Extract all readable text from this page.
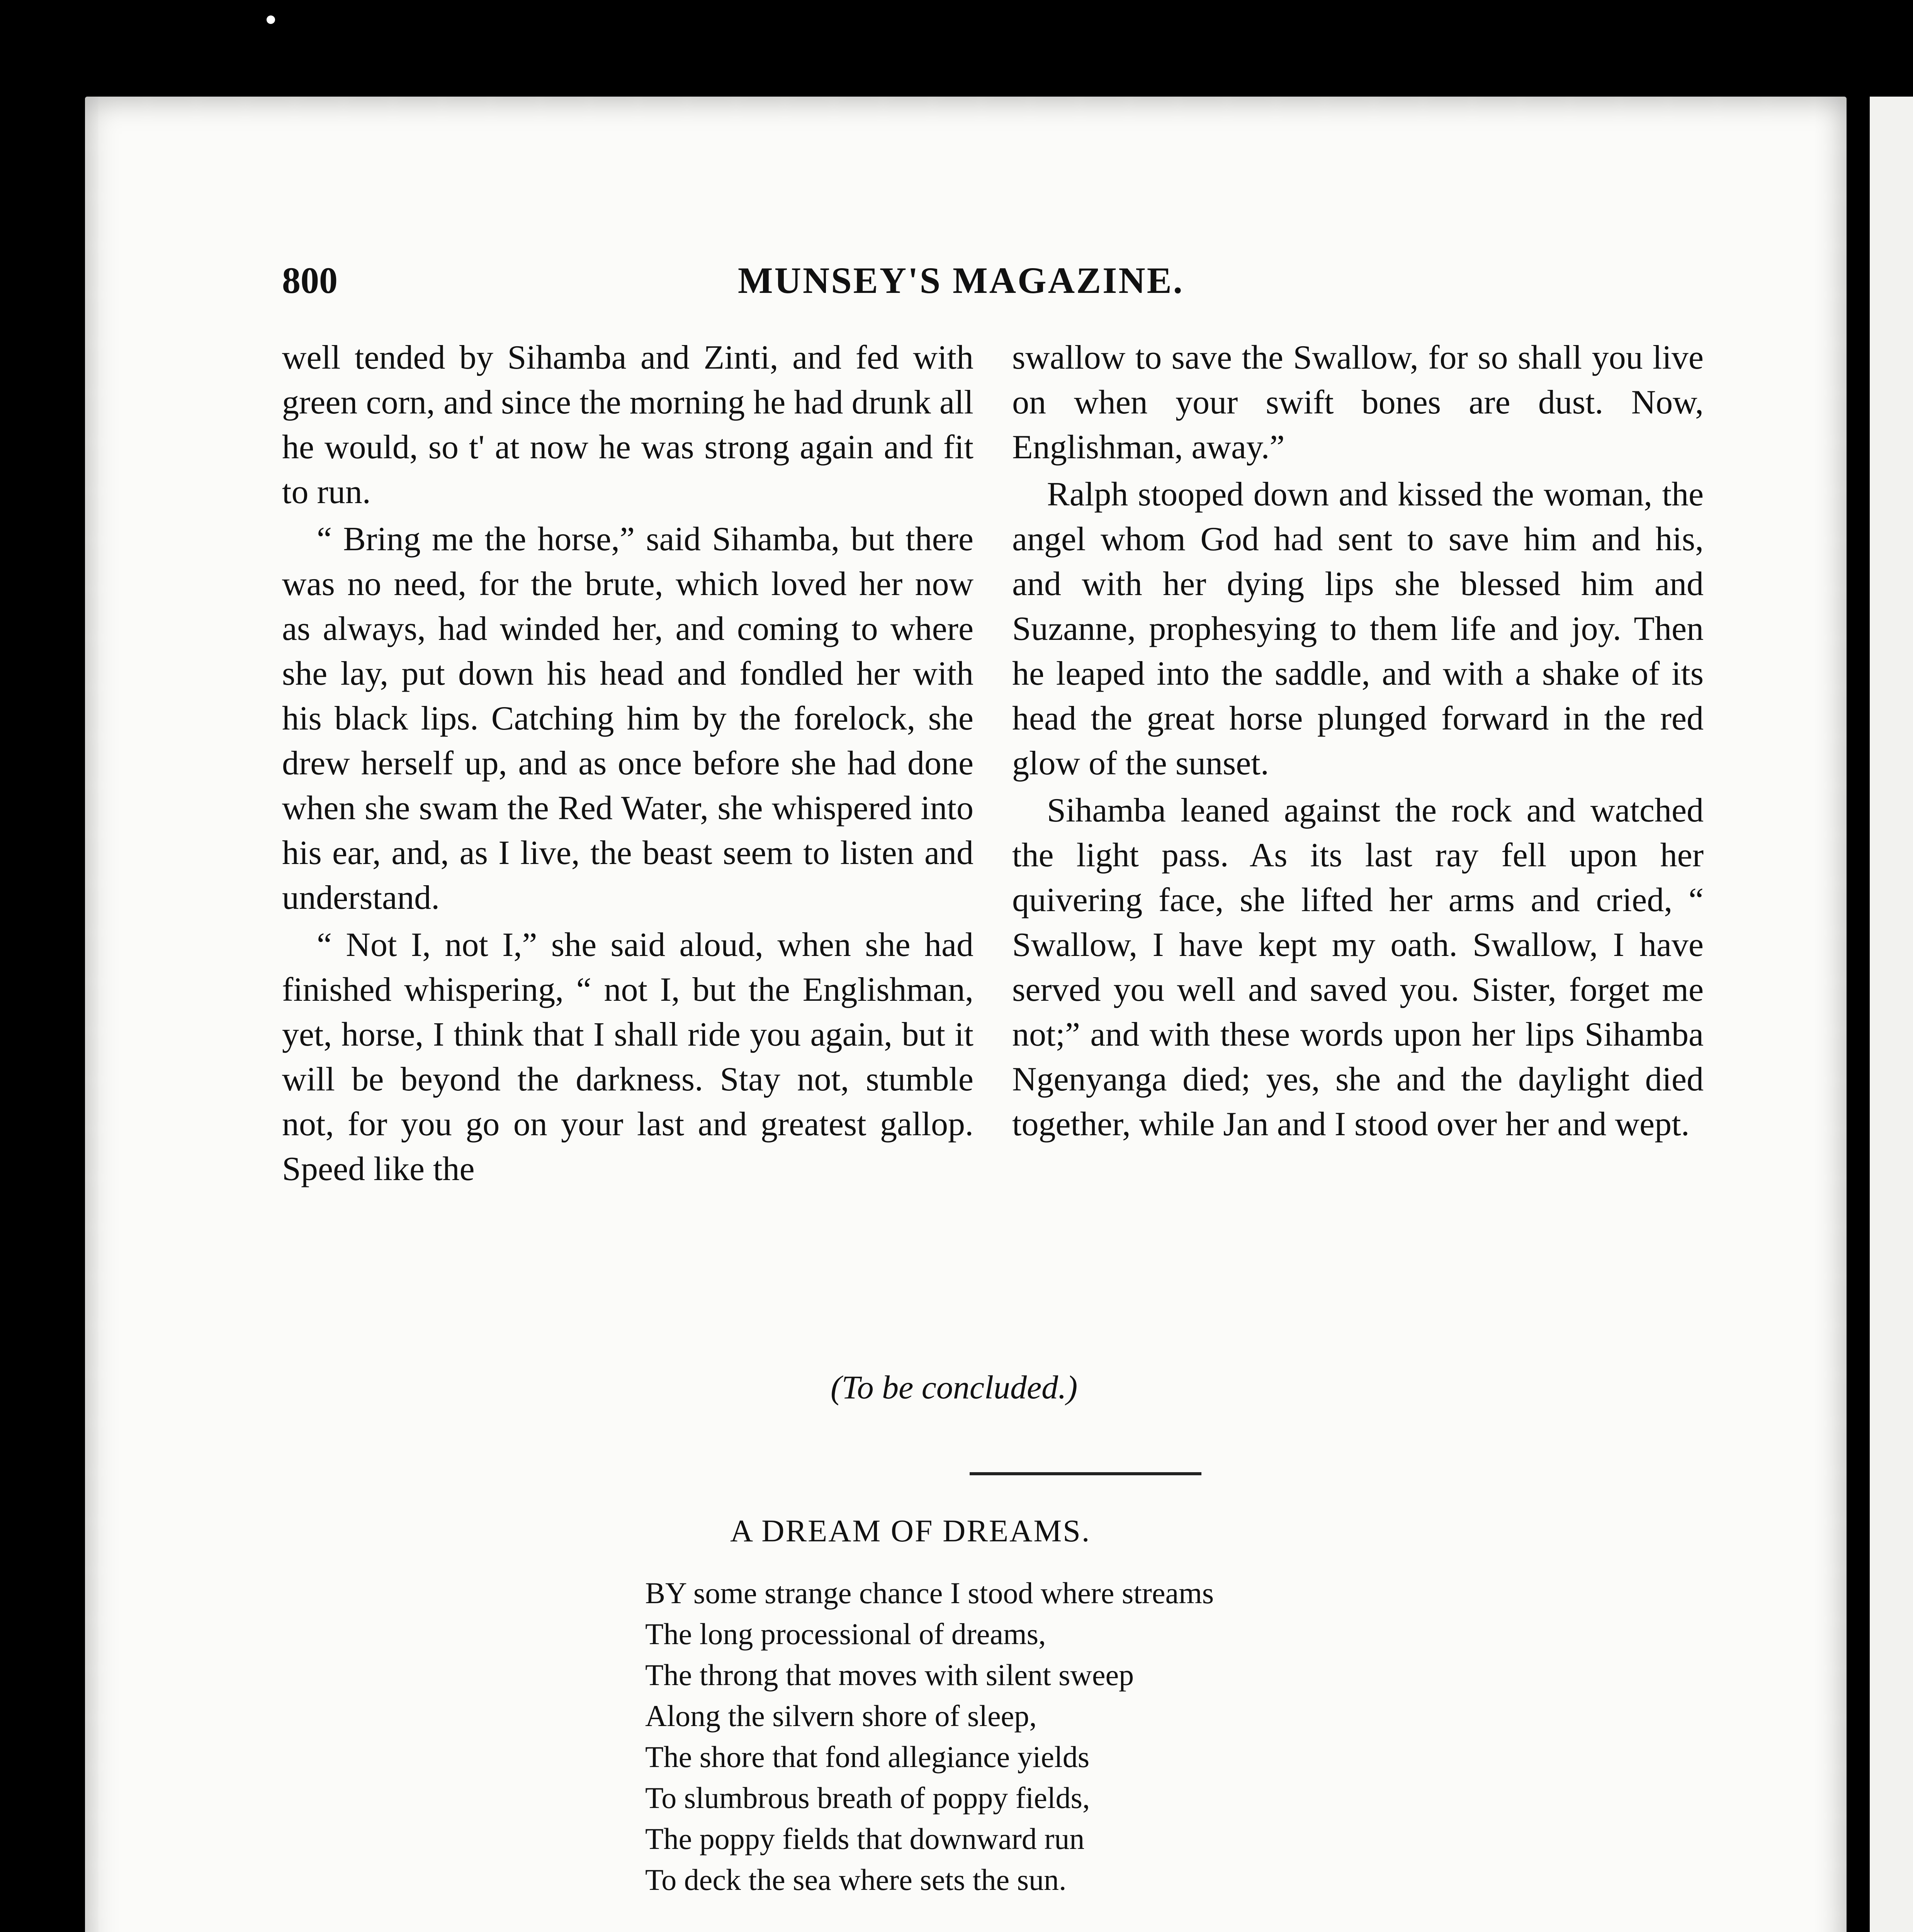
800	MUNSEY'S MAGAZINE.

well tended by Sihamba and Zinti, and fed with green corn, and since the morning he had drunk all he would, so t' at now he was strong again and fit to run.

“ Bring me the horse,” said Sihamba, but there was no need, for the brute, which loved her now as always, had winded her, and coming to where she lay, put down his head and fondled her with his black lips. Catching him by the forelock, she drew herself up, and as once before she had done when she swam the Red Water, she whispered into his ear, and, as I live, the beast seem to listen and understand.

“ Not I, not I,” she said aloud, when she had finished whispering, “ not I, but the Englishman, yet, horse, I think that I shall ride you again, but it will be beyond the darkness. Stay not, stumble not, for you go on your last and greatest gallop. Speed like the

swallow to save the Swallow, for so shall you live on when your swift bones are dust. Now, Englishman, away.”

Ralph stooped down and kissed the woman, the angel whom God had sent to save him and his, and with her dying lips she blessed him and Suzanne, prophesying to them life and joy. Then he leaped into the saddle, and with a shake of its head the great horse plunged forward in the red glow of the sunset.

Sihamba leaned against the rock and watched the light pass. As its last ray fell upon her quivering face, she lifted her arms and cried, “ Swallow, I have kept my oath. Swallow, I have served you well and saved you. Sister, forget me not;” and with these words upon her lips Sihamba Ngenyanga died; yes, she and the daylight died together, while Jan and I stood over her and wept.

(To be concluded.)
A DREAM OF DREAMS.
BY some strange chance I stood where streams
The long processional of dreams,
The throng that moves with silent sweep
Along the silvern shore of sleep,
The shore that fond allegiance yields
To slumbrous breath of poppy fields,
The poppy fields that downward run
To deck the sea where sets the sun.
